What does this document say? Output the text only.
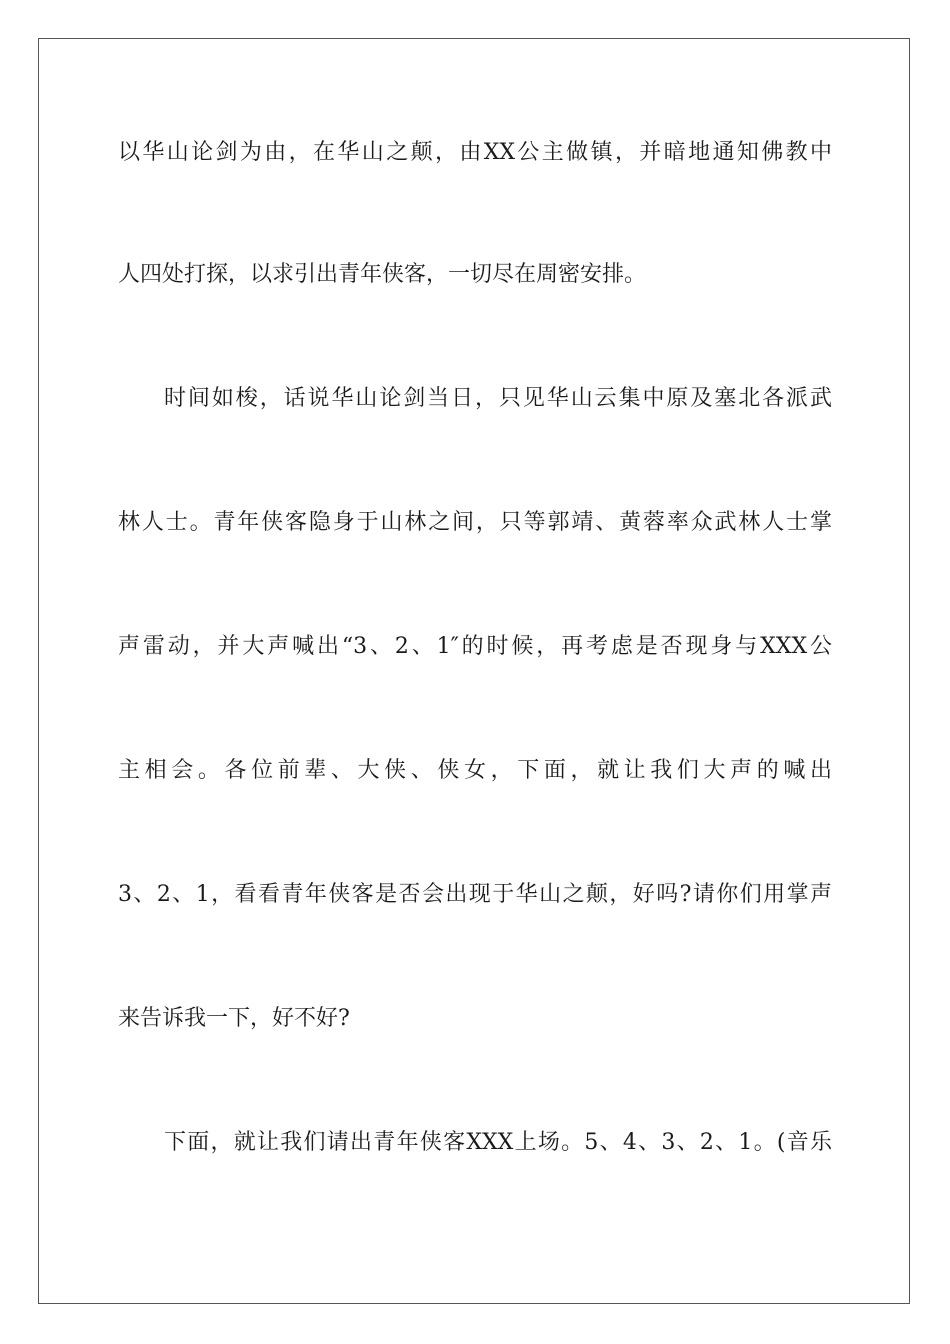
以华山论剑为由，在华山之颠，由XX公主做镇，并暗地通知佛教中
人四处打探，以求引出青年侠客，一切尽在周密安排。
时间如梭，话说华山论剑当日，只见华山云集中原及塞北各派武
林人士。青年侠客隐身于山林之间，只等郭靖、黄蓉率众武林人士掌
声雷动，并大声喊出“3、2、1″的时候，再考虑是否现身与XXX公
主相会。各位前辈、大侠、侠女，下面，就让我们大声的喊出
3、2、1，看看青年侠客是否会出现于华山之颠，好吗?请你们用掌声
来告诉我一下，好不好?
下面，就让我们请出青年侠客XXX上场。5、4、3、2、1。(音乐
